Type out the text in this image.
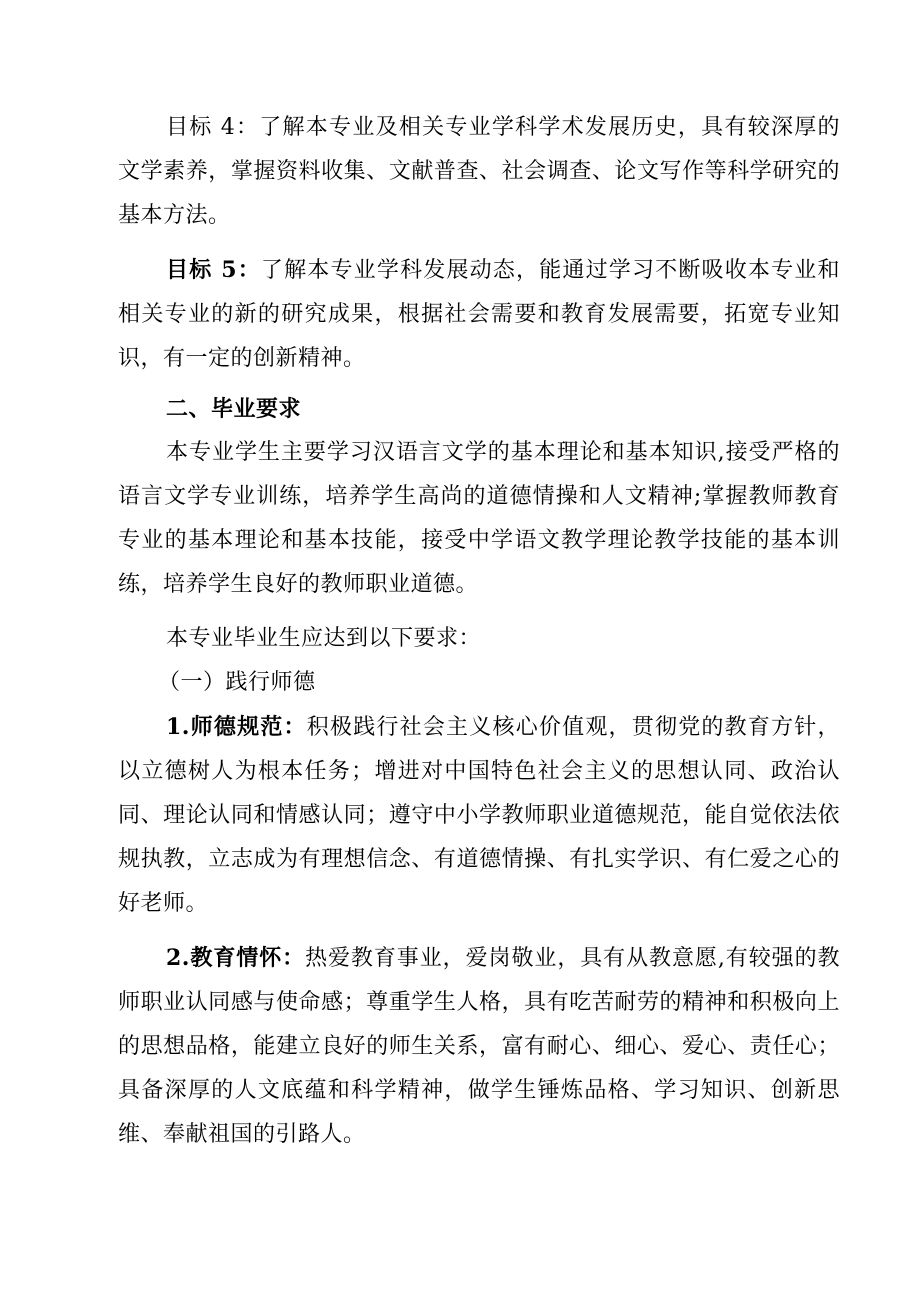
目标 4：了解本专业及相关专业学科学术发展历史，具有较深厚的文学素养，掌握资料收集、文献普查、社会调查、论文写作等科学研究的基本方法。

目标 5：了解本专业学科发展动态，能通过学习不断吸收本专业和相关专业的新的研究成果，根据社会需要和教育发展需要，拓宽专业知识，有一定的创新精神。

二、毕业要求

本专业学生主要学习汉语言文学的基本理论和基本知识,接受严格的语言文学专业训练，培养学生高尚的道德情操和人文精神;掌握教师教育专业的基本理论和基本技能，接受中学语文教学理论教学技能的基本训练，培养学生良好的教师职业道德。

本专业毕业生应达到以下要求：

（一）践行师德

1.师德规范：积极践行社会主义核心价值观，贯彻党的教育方针，以立德树人为根本任务；增进对中国特色社会主义的思想认同、政治认同、理论认同和情感认同；遵守中小学教师职业道德规范，能自觉依法依规执教，立志成为有理想信念、有道德情操、有扎实学识、有仁爱之心的好老师。

2.教育情怀：热爱教育事业，爱岗敬业，具有从教意愿,有较强的教师职业认同感与使命感；尊重学生人格，具有吃苦耐劳的精神和积极向上的思想品格，能建立良好的师生关系，富有耐心、细心、爱心、责任心；具备深厚的人文底蕴和科学精神，做学生锤炼品格、学习知识、创新思维、奉献祖国的引路人。
